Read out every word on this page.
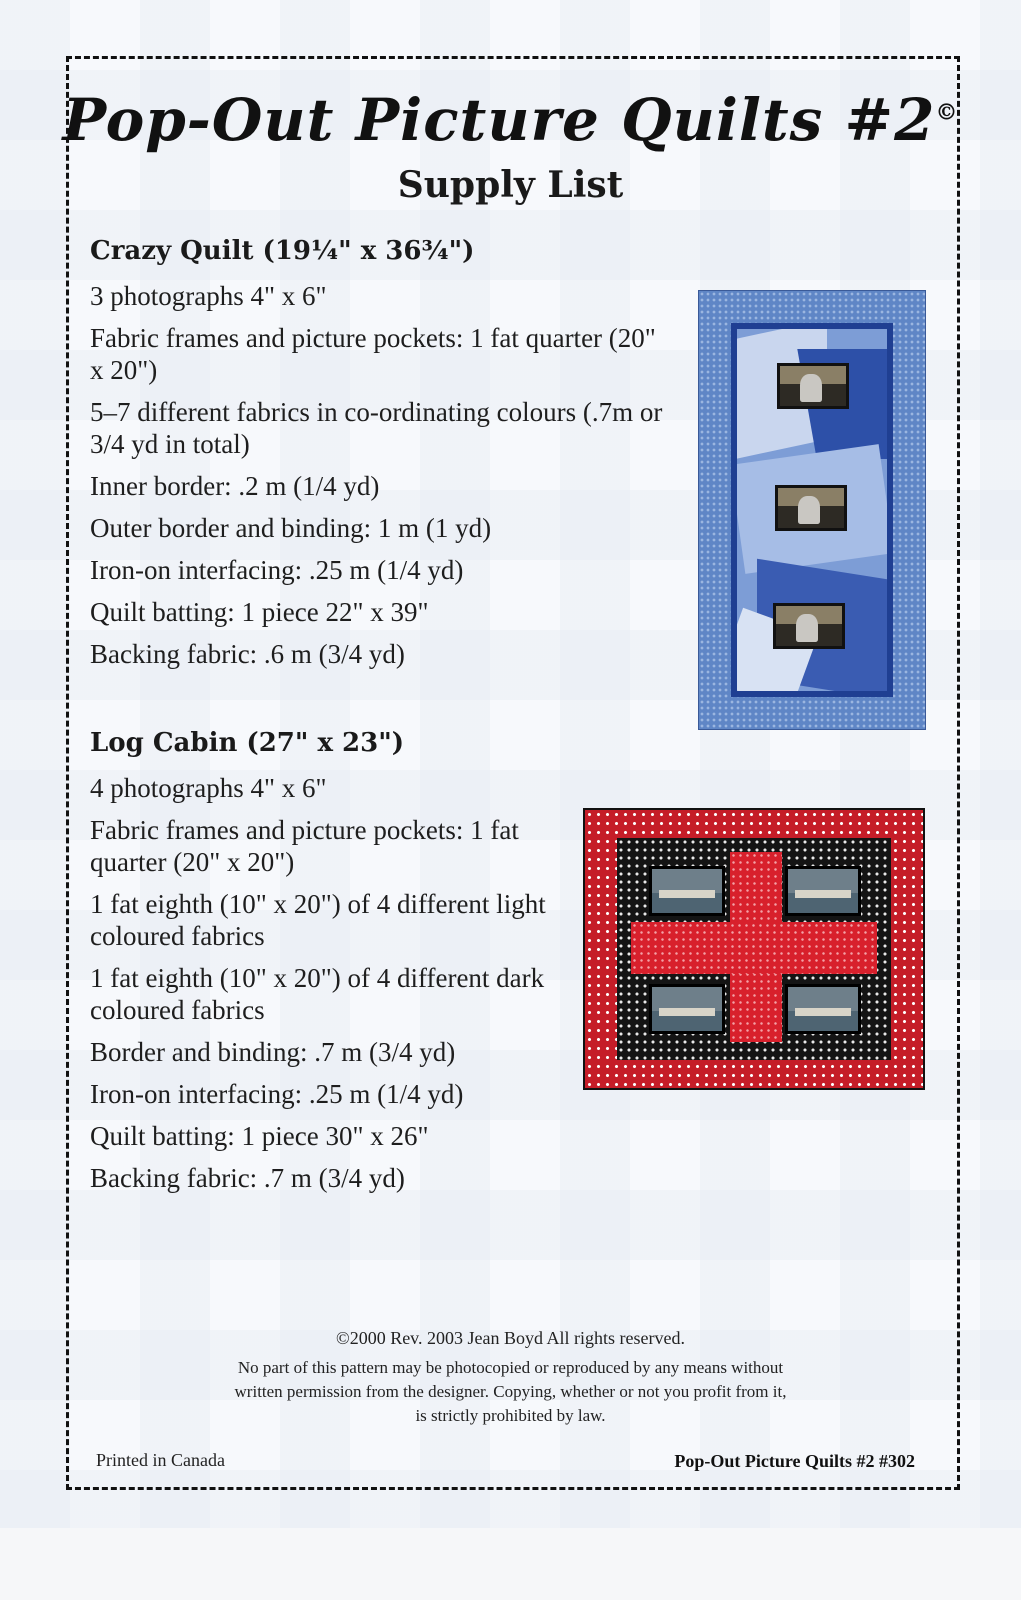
Pop-Out Picture Quilts #2©
Supply List
Crazy Quilt (19¼" x 36¾")
3 photographs 4" x 6"
Fabric frames and picture pockets: 1 fat quarter (20" x 20")
5–7 different fabrics in co-ordinating colours (.7m or 3/4 yd in total)
Inner border: .2 m (1/4 yd)
Outer border and binding: 1 m (1 yd)
Iron-on interfacing: .25 m (1/4 yd)
Quilt batting: 1 piece 22" x 39"
Backing fabric: .6 m (3/4 yd)
Log Cabin (27" x 23")
4 photographs 4" x 6"
Fabric frames and picture pockets: 1 fat quarter (20" x 20")
1 fat eighth (10" x 20") of 4 different light coloured fabrics
1 fat eighth (10" x 20") of 4 different dark coloured fabrics
Border and binding: .7 m (3/4 yd)
Iron-on interfacing: .25 m (1/4 yd)
Quilt batting: 1 piece 30" x 26"
Backing fabric: .7 m (3/4 yd)

©2000 Rev. 2003 Jean Boyd All rights reserved.

No part of this pattern may be photocopied or reproduced by any means without written permission from the designer. Copying, whether or not you profit from it, is strictly prohibited by law.

Printed in Canada	Pop-Out Picture Quilts #2 #302
